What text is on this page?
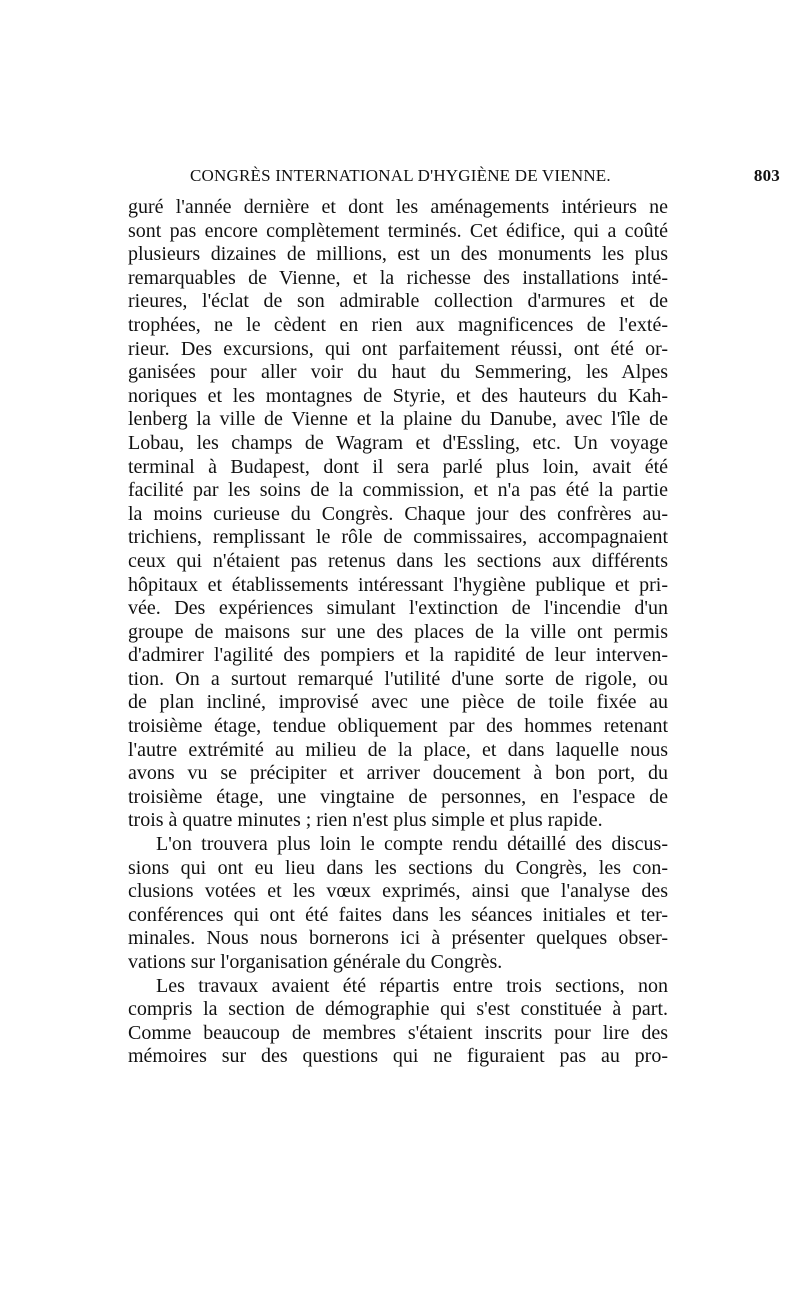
CONGRÈS INTERNATIONAL D'HYGIÈNE DE VIENNE.	803
guré l'année dernière et dont les aménagements intérieurs ne
sont pas encore complètement terminés. Cet édifice, qui a coûté
plusieurs dizaines de millions, est un des monuments les plus
remarquables de Vienne, et la richesse des installations inté-
rieures, l'éclat de son admirable collection d'armures et de
trophées, ne le cèdent en rien aux magnificences de l'exté-
rieur. Des excursions, qui ont parfaitement réussi, ont été or-
ganisées pour aller voir du haut du Semmering, les Alpes
noriques et les montagnes de Styrie, et des hauteurs du Kah-
lenberg la ville de Vienne et la plaine du Danube, avec l'île de
Lobau, les champs de Wagram et d'Essling, etc. Un voyage
terminal à Budapest, dont il sera parlé plus loin, avait été
facilité par les soins de la commission, et n'a pas été la partie
la moins curieuse du Congrès. Chaque jour des confrères au-
trichiens, remplissant le rôle de commissaires, accompagnaient
ceux qui n'étaient pas retenus dans les sections aux différents
hôpitaux et établissements intéressant l'hygiène publique et pri-
vée. Des expériences simulant l'extinction de l'incendie d'un
groupe de maisons sur une des places de la ville ont permis
d'admirer l'agilité des pompiers et la rapidité de leur interven-
tion. On a surtout remarqué l'utilité d'une sorte de rigole, ou
de plan incliné, improvisé avec une pièce de toile fixée au
troisième étage, tendue obliquement par des hommes retenant
l'autre extrémité au milieu de la place, et dans laquelle nous
avons vu se précipiter et arriver doucement à bon port, du
troisième étage, une vingtaine de personnes, en l'espace de
trois à quatre minutes ; rien n'est plus simple et plus rapide.
L'on trouvera plus loin le compte rendu détaillé des discus-
sions qui ont eu lieu dans les sections du Congrès, les con-
clusions votées et les vœux exprimés, ainsi que l'analyse des
conférences qui ont été faites dans les séances initiales et ter-
minales. Nous nous bornerons ici à présenter quelques obser-
vations sur l'organisation générale du Congrès.
Les travaux avaient été répartis entre trois sections, non
compris la section de démographie qui s'est constituée à part.
Comme beaucoup de membres s'étaient inscrits pour lire des
mémoires sur des questions qui ne figuraient pas au pro-
